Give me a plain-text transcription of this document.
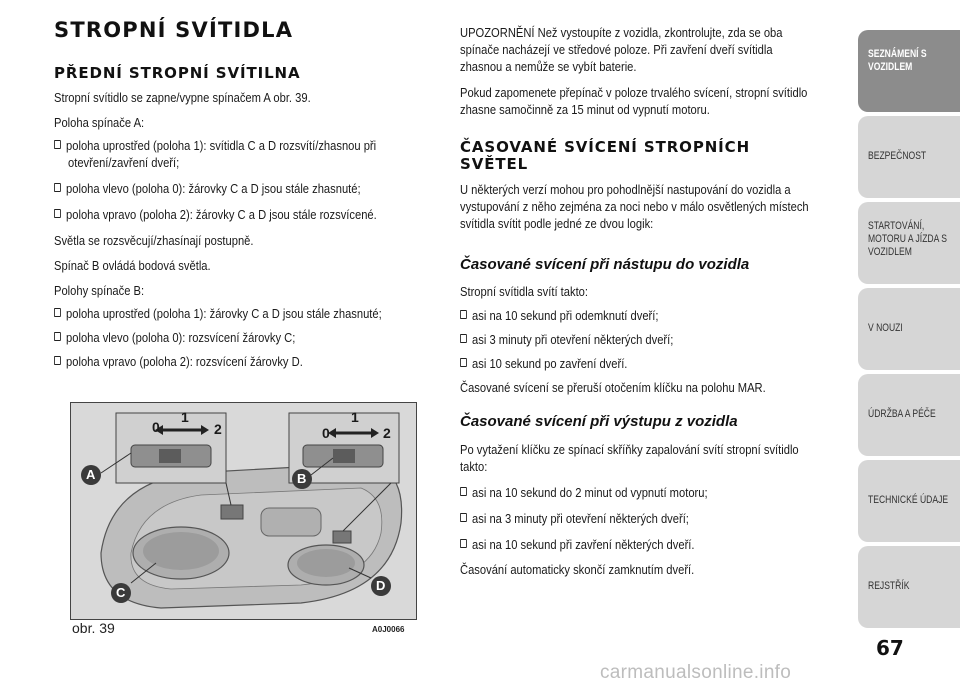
STROPNÍ SVÍTIDLA
PŘEDNÍ STROPNÍ SVÍTILNA

Stropní svítidlo se zapne/vypne spínačem A obr. 39.

Poloha spínače A:

poloha uprostřed (poloha 1): svítidla C a D rozsvítí/zhasnou při

otevření/zavření dveří;

poloha vlevo (poloha 0): žárovky C a D jsou stále zhasnuté;

poloha vpravo (poloha 2): žárovky C a D jsou stále rozsvícené.

Světla se rozsvěcují/zhasínají postupně.

Spínač B ovládá bodová světla.

Polohy spínače B:

poloha uprostřed (poloha 1): žárovky C a D jsou stále zhasnuté;

poloha vlevo (poloha 0): rozsvícení žárovky C;

poloha vpravo (poloha 2): rozsvícení žárovky D.

0
1
2	0
1
2
A	B
C	D
obr. 39	A0J0066

UPOZORNĚNÍ Než vystoupíte z vozidla, zkontrolujte, zda se oba

spínače nacházejí ve středové poloze. Při zavření dveří svítidla

zhasnou a nemůže se vybít baterie.

Pokud zapomenete přepínač v poloze trvalého svícení, stropní svítidlo

zhasne samočinně za 15 minut od vypnutí motoru.

ČASOVANÉ SVÍCENÍ STROPNÍCH
SVĚTEL

U některých verzí mohou pro pohodlnější nastupování do vozidla a

vystupování z něho zejména za noci nebo v málo osvětlených místech

svítidla svítit podle jedné ze dvou logik:

Časované svícení při nástupu do vozidla

Stropní svítidla svítí takto:

asi na 10 sekund při odemknutí dveří;

asi 3 minuty při otevření některých dveří;

asi 10 sekund po zavření dveří.

Časované svícení se přeruší otočením klíčku na polohu MAR.

Časované svícení při výstupu z vozidla

Po vytažení klíčku ze spínací skříňky zapalování svítí stropní svítidlo

takto:

asi na 10 sekund do 2 minut od vypnutí motoru;

asi na 3 minuty při otevření některých dveří;

asi na 10 sekund při zavření některých dveří.

Časování automaticky skončí zamknutím dveří.

SEZNÁMENÍ S
VOZIDLEM
BEZPEČNOST
STARTOVÁNÍ,
MOTORU A JÍZDA S
VOZIDLEM
V NOUZI
ÚDRŽBA A PÉČE
TECHNICKÉ ÚDAJE
REJSTŘÍK
67
carmanualsonline.info
